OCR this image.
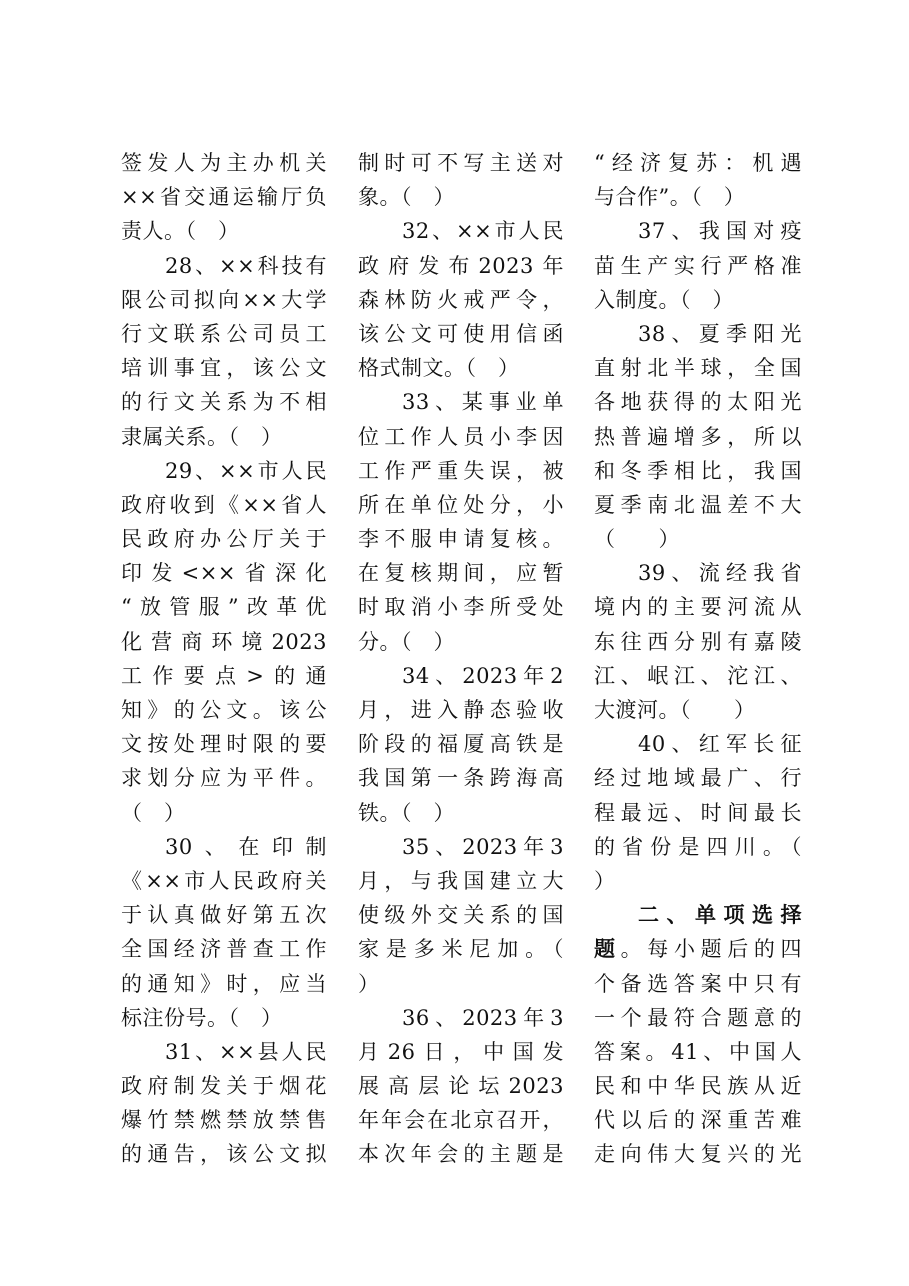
签发人为主办机关
××省交通运输厅负
责人。（　）
28、××科技有
限公司拟向××大学
行文联系公司员工
培训事宜，该公文
的行文关系为不相
隶属关系。（　）
29、××市人民
政府收到《××省人
民政府办公厅关于
印发<××省深化
“放管服”改革优
化营商环境2023
工作要点>的通
知》的公文。该公
文按处理时限的要
求划分应为平件。
（　）
30、在印制
《××市人民政府关
于认真做好第五次
全国经济普查工作
的通知》时，应当
标注份号。（　）
31、××县人民
政府制发关于烟花
爆竹禁燃禁放禁售
的通告，该公文拟
制时可不写主送对
象。（　）
32、××市人民
政府发布2023年
森林防火戒严令，
该公文可使用信函
格式制文。（　）
33、某事业单
位工作人员小李因
工作严重失误，被
所在单位处分，小
李不服申请复核。
在复核期间，应暂
时取消小李所受处
分。（　）
34、2023年2
月，进入静态验收
阶段的福厦高铁是
我国第一条跨海高
铁。（　）
35、2023年3
月，与我国建立大
使级外交关系的国
家是多米尼加。（
）
36、2023年3
月26日，中国发
展高层论坛2023
年年会在北京召开，
本次年会的主题是
“经济复苏：机遇
与合作”。（　）
37、我国对疫
苗生产实行严格准
入制度。（　）
38、夏季阳光
直射北半球，全国
各地获得的太阳光
热普遍增多，所以
和冬季相比，我国
夏季南北温差不大
（　　）
39、流经我省
境内的主要河流从
东往西分别有嘉陵
江、岷江、沱江、
大渡河。（　　）
40、红军长征
经过地域最广、行
程最远、时间最长
的省份是四川。（
）
二、单项选择
题。每小题后的四
个备选答案中只有
一个最符合题意的
答案。41、中国人
民和中华民族从近
代以后的深重苦难
走向伟大复兴的光
